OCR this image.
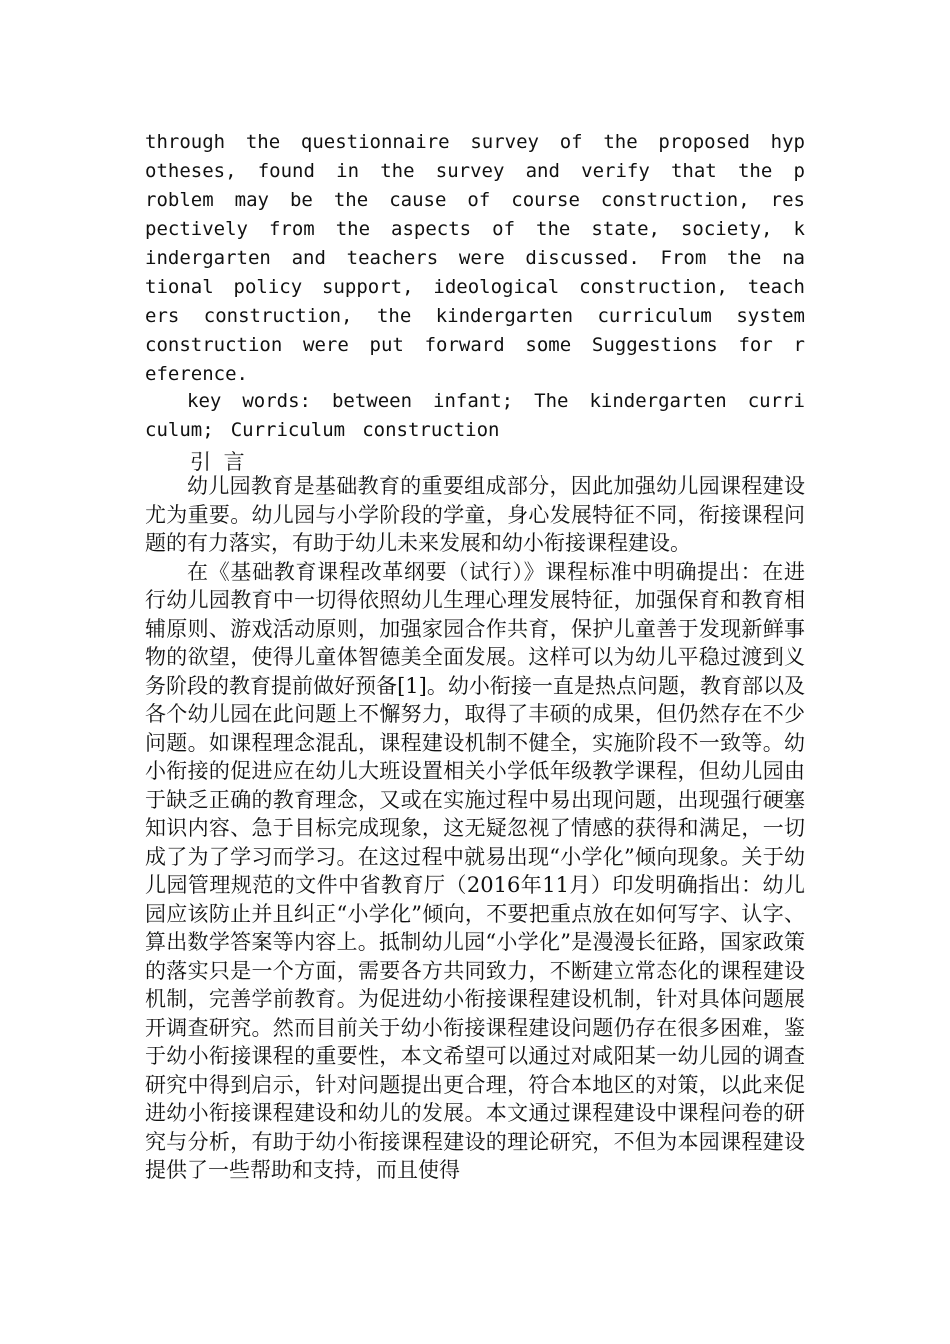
through the questionnaire survey of the proposed hyp
otheses, found in the survey and verify that the p
roblem may be the cause of course construction, res
pectively from the aspects of the state, society, k
indergarten and teachers were discussed. From the na
tional policy support, ideological construction, teach
ers construction, the kindergarten curriculum system
construction were put forward some Suggestions for r
eference.
key words: between infant; The kindergarten curri
culum; Curriculum construction
引言

幼儿园教育是基础教育的重要组成部分，因此加强幼儿园课程建设尤为重要。幼儿园与小学阶段的学童，身心发展特征不同，衔接课程问题的有力落实，有助于幼儿未来发展和幼小衔接课程建设。

在《基础教育课程改革纲要（试行）》课程标准中明确提出：在进行幼儿园教育中一切得依照幼儿生理心理发展特征，加强保育和教育相辅原则、游戏活动原则，加强家园合作共育，保护儿童善于发现新鲜事物的欲望，使得儿童体智德美全面发展。这样可以为幼儿平稳过渡到义务阶段的教育提前做好预备[1]。幼小衔接一直是热点问题，教育部以及各个幼儿园在此问题上不懈努力，取得了丰硕的成果，但仍然存在不少问题。如课程理念混乱，课程建设机制不健全，实施阶段不一致等。幼小衔接的促进应在幼儿大班设置相关小学低年级教学课程，但幼儿园由于缺乏正确的教育理念，又或在实施过程中易出现问题，出现强行硬塞知识内容、急于目标完成现象，这无疑忽视了情感的获得和满足，一切成了为了学习而学习。在这过程中就易出现“小学化”倾向现象。关于幼儿园管理规范的文件中省教育厅（2016年11月）印发明确指出：幼儿园应该防止并且纠正“小学化”倾向，不要把重点放在如何写字、认字、算出数学答案等内容上。抵制幼儿园“小学化”是漫漫长征路，国家政策的落实只是一个方面，需要各方共同致力，不断建立常态化的课程建设机制，完善学前教育。为促进幼小衔接课程建设机制，针对具体问题展开调查研究。然而目前关于幼小衔接课程建设问题仍存在很多困难，鉴于幼小衔接课程的重要性，本文希望可以通过对咸阳某一幼儿园的调查研究中得到启示，针对问题提出更合理，符合本地区的对策，以此来促进幼小衔接课程建设和幼儿的发展。本文通过课程建设中课程问卷的研究与分析，有助于幼小衔接课程建设的理论研究，不但为本园课程建设提供了一些帮助和支持，而且使得
